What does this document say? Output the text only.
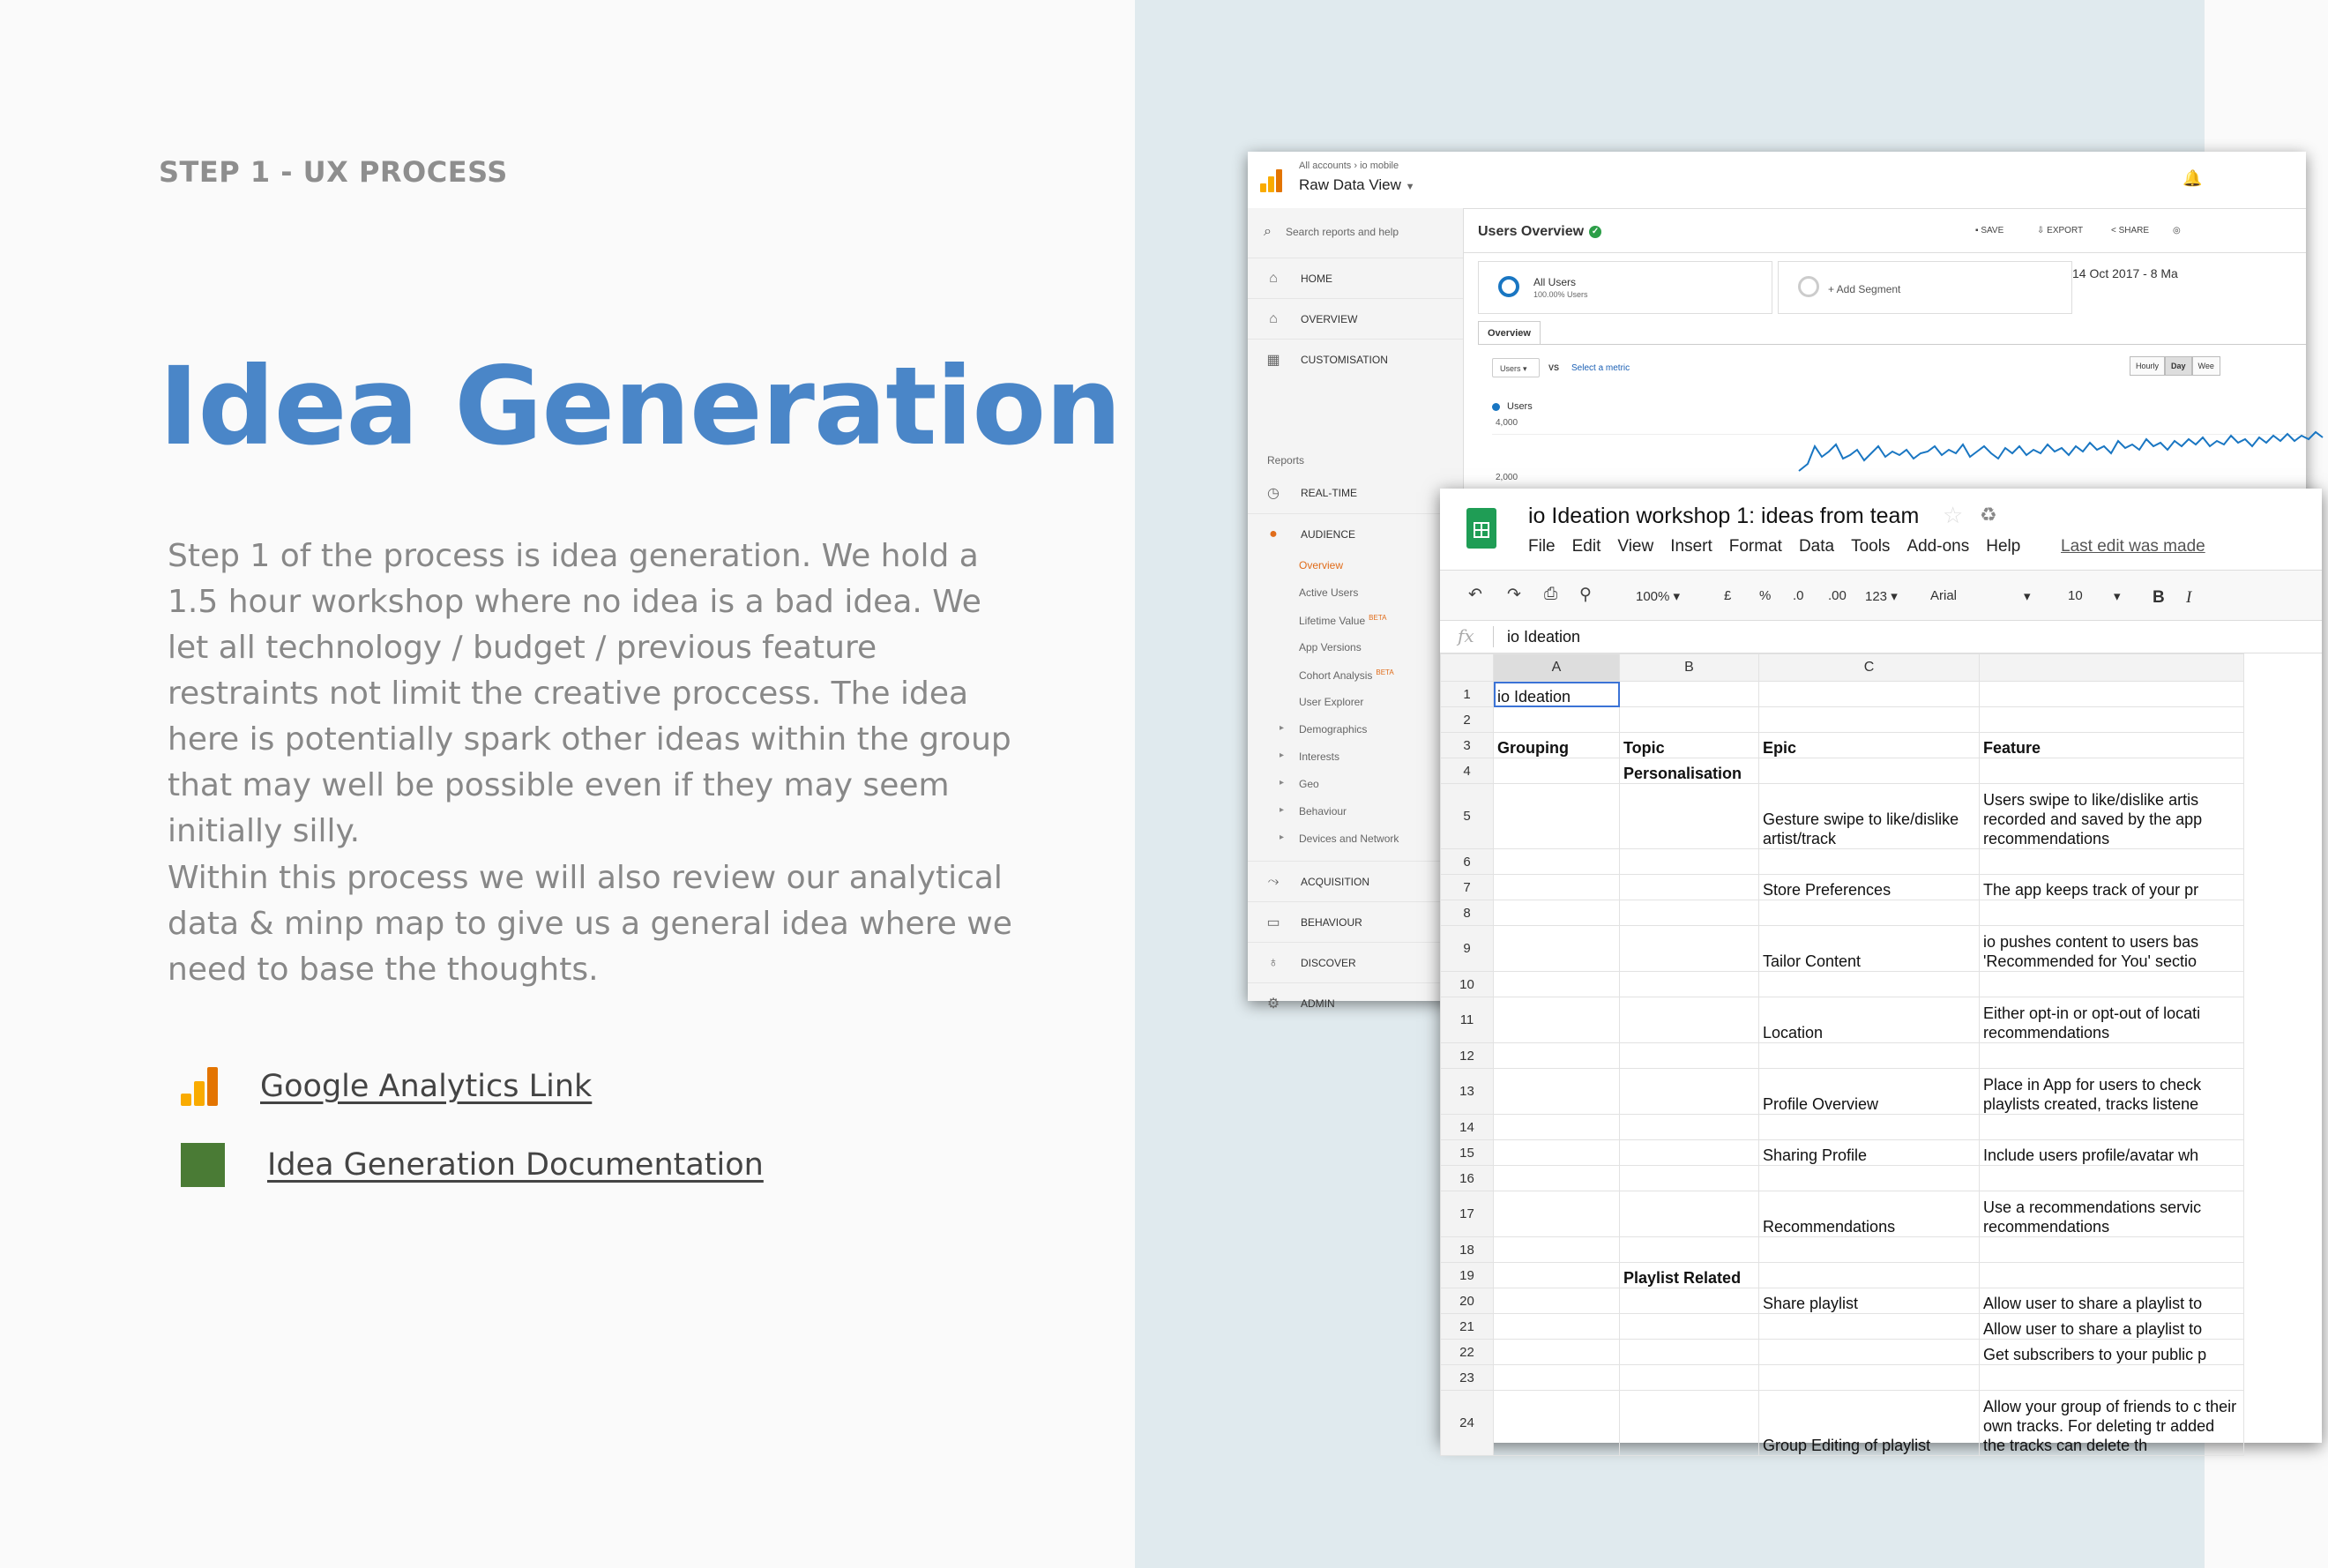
STEP 1 - UX PROCESS
Idea Generation
Step 1 of the process is idea generation. We hold a 1.5 hour workshop where no idea is a bad idea. We let all technology / budget / previous feature restraints not limit the creative proccess. The idea here is potentially spark other ideas within the group that may well be possible even if they may seem initially silly.
Within this process we will also review our analytical data & minp map to give us a general idea where we need to base the thoughts.
Google Analytics Link
Idea Generation Documentation
All accounts › io mobile
Raw Data View ▼	🔔
⌕ Search reports and help
⌂	HOME
⌂	OVERVIEW
▦ CUSTOMISATION
Reports
◷ REAL-TIME
●	AUDIENCE
Overview
Active Users
Lifetime Value $^{BETA}$
App Versions
Cohort Analysis $^{BETA}$
User Explorer
▸ Demographics
▸ Interests
▸ Geo
▸ Behaviour
▸ Devices and Network
⤳ ACQUISITION
▭ BEHAVIOUR
♁ DISCOVER
⚙ ADMIN
Users Overview ✓	▪ SAVE	⇩ EXPORT	< SHARE	◎
All Users
100.00% Users	+ Add Segment
14 Oct 2017 - 8 Ma
Overview
Users ▾	VS Select a metric	Hourly	Day	Wee
Users
4,000
2,000
io Ideation workshop 1: ideas from team ☆ ♻
File Edit View Insert Format Data Tools Add-ons Help Last edit was made
↶ ↷ ⎙ ⚲	100% ▾	£ % .0 .00 123 ▾ Arial	▾	10 ▾ B I
fx io Ideation
	A	B	C	
1	io Ideation			
2				
3	Grouping	Topic	Epic	Feature
4		Personalisation		
5			Gesture swipe to like/dislike artist/track	Users swipe to like/dislike artis recorded and saved by the app recommendations
6				
7			Store Preferences	The app keeps track of your pr
8				
9			Tailor Content	io pushes content to users bas 'Recommended for You' sectio
10				
11			Location	Either opt-in or opt-out of locati recommendations
12				
13			Profile Overview	Place in App for users to check playlists created, tracks listene
14				
15			Sharing Profile	Include users profile/avatar wh
16				
17			Recommendations	Use a recommendations servic recommendations
18				
19		Playlist Related		
20			Share playlist	Allow user to share a playlist to
21				Allow user to share a playlist to
22				Get subscribers to your public p
23				
24			Group Editing of playlist	Allow your group of friends to c their own tracks. For deleting tr added the tracks can delete th
